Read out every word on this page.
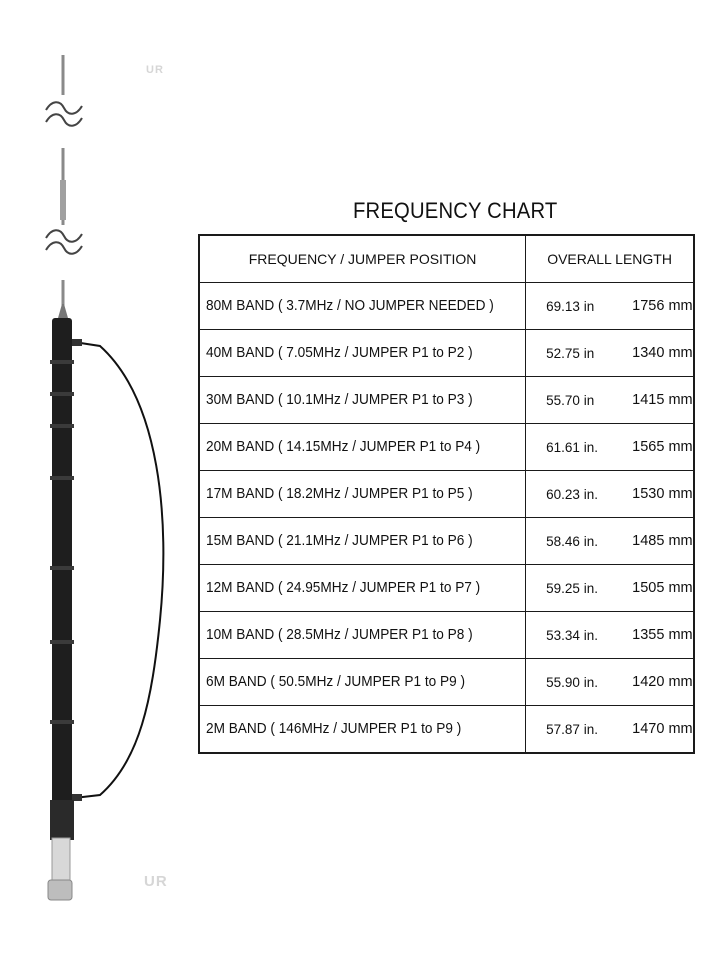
UR
UR
FREQUENCY CHART
FREQUENCY / JUMPER POSITION	OVERALL LENGTH
80M BAND ( 3.7MHz / NO JUMPER NEEDED )	69.13 in 1756 mm

40M BAND ( 7.05MHz / JUMPER P1 to P2 )	52.75 in 1340 mm

30M BAND ( 10.1MHz / JUMPER P1 to P3 )	55.70 in 1415 mm

20M BAND ( 14.15MHz / JUMPER P1 to P4 )	61.61 in. 1565 mm

17M BAND ( 18.2MHz / JUMPER P1 to P5 )	60.23 in. 1530 mm

15M BAND ( 21.1MHz / JUMPER P1 to P6 )	58.46 in. 1485 mm

12M BAND ( 24.95MHz / JUMPER P1 to P7 )	59.25 in. 1505 mm

10M BAND ( 28.5MHz / JUMPER P1 to P8 )	53.34 in. 1355 mm

6M BAND ( 50.5MHz / JUMPER P1 to P9 )	55.90 in. 1420 mm

2M BAND ( 146MHz / JUMPER P1 to P9 )	57.87 in. 1470 mm
